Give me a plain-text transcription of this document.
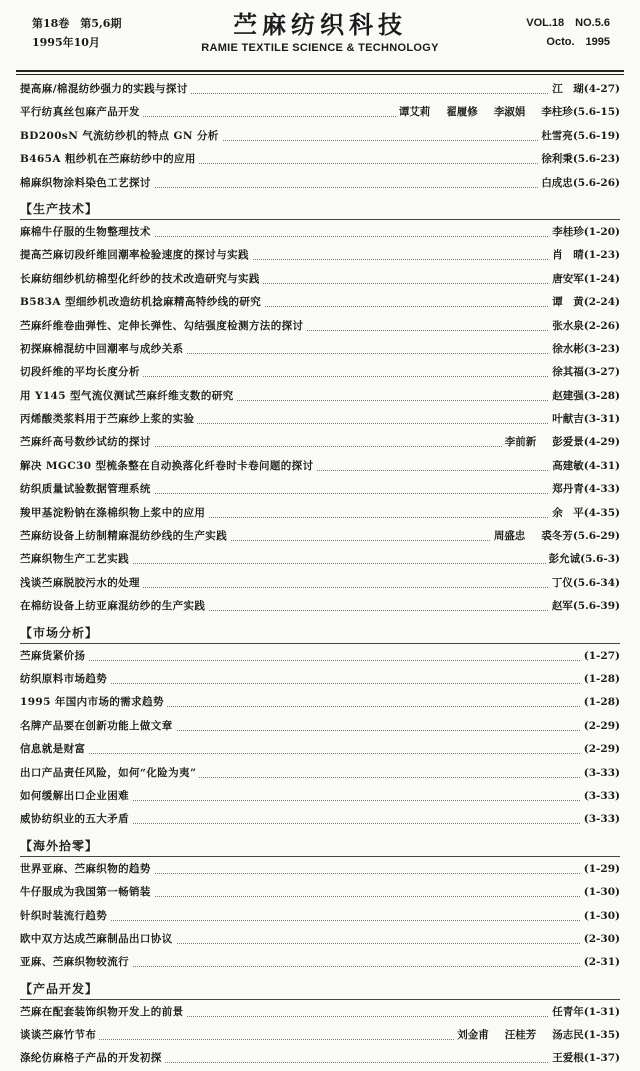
第18卷　第5,6期
1995年10月
苎麻纺织科技
RAMIE TEXTILE SCIENCE & TECHNOLOGY
VOL.18　NO.5.6
Octo.　1995
提高麻/棉混纺纱强力的实践与探讨	江　瑚(4-27)
平行纺真丝包麻产品开发	谭艾莉 翟履修 李淑娟 李柱珍(5.6-15)
BD200sN 气流纺纱机的特点 GN 分析	杜雪亮(5.6-19)
B465A 粗纱机在苎麻纺纱中的应用	徐利秉(5.6-23)
棉麻织物涂料染色工艺探讨	白成忠(5.6-26)
【生产技术】
麻棉牛仔服的生物整理技术	李桂珍(1-20)
提高苎麻切段纤维回潮率检验速度的探讨与实践	肖　晴(1-23)
长麻纺细纱机纺棉型化纤纱的技术改造研究与实践	唐安军(1-24)
B583A 型细纱机改造纺机捻麻精高特纱线的研究	谭　黄(2-24)
苎麻纤维卷曲弹性、定伸长弹性、勾结强度检测方法的探讨	张水泉(2-26)
初探麻棉混纺中回潮率与成纱关系	徐水彬(3-23)
切段纤维的平均长度分析	徐其福(3-27)
用 Y145 型气流仪测试苎麻纤维支数的研究	赵建强(3-28)
丙烯酸类浆料用于苎麻纱上浆的实验	叶献吉(3-31)
苎麻纤高号数纱试纺的探讨	李前新 彭爱景(4-29)
解决 MGC30 型梳条整在自动换落化纤卷时卡卷问题的探讨	高建敏(4-31)
纺织质量试验数据管理系统	郑丹青(4-33)
羧甲基淀粉钠在涤棉织物上浆中的应用	余　平(4-35)
苎麻纺设备上纺制精麻混纺纱线的生产实践	周盛忠 裘冬芳(5.6-29)
苎麻织物生产工艺实践	彭允诚(5.6-3)
浅谈苎麻脱胶污水的处理	丁仪(5.6-34)
在棉纺设备上纺亚麻混纺纱的生产实践	赵军(5.6-39)
【市场分析】
苎麻货紧价扬	(1-27)
纺织原料市场趋势	(1-28)
1995 年国内市场的需求趋势	(1-28)
名牌产品要在创新功能上做文章	(2-29)
信息就是财富	(2-29)
出口产品责任风险，如何“化险为夷”	(3-33)
如何缓解出口企业困难	(3-33)
威协纺织业的五大矛盾	(3-33)
【海外拾零】
世界亚麻、苎麻织物的趋势	(1-29)
牛仔服成为我国第一畅销装	(1-30)
针织时装流行趋势	(1-30)
欧中双方达成苎麻制品出口协议	(2-30)
亚麻、苎麻织物较流行	(2-31)
【产品开发】
苎麻在配套装饰织物开发上的前景	任青年(1-31)
谈谈苎麻竹节布	刘金甫 汪桂芳 汤志民(1-35)
涤纶仿麻格子产品的开发初探	王爱根(1-37)
